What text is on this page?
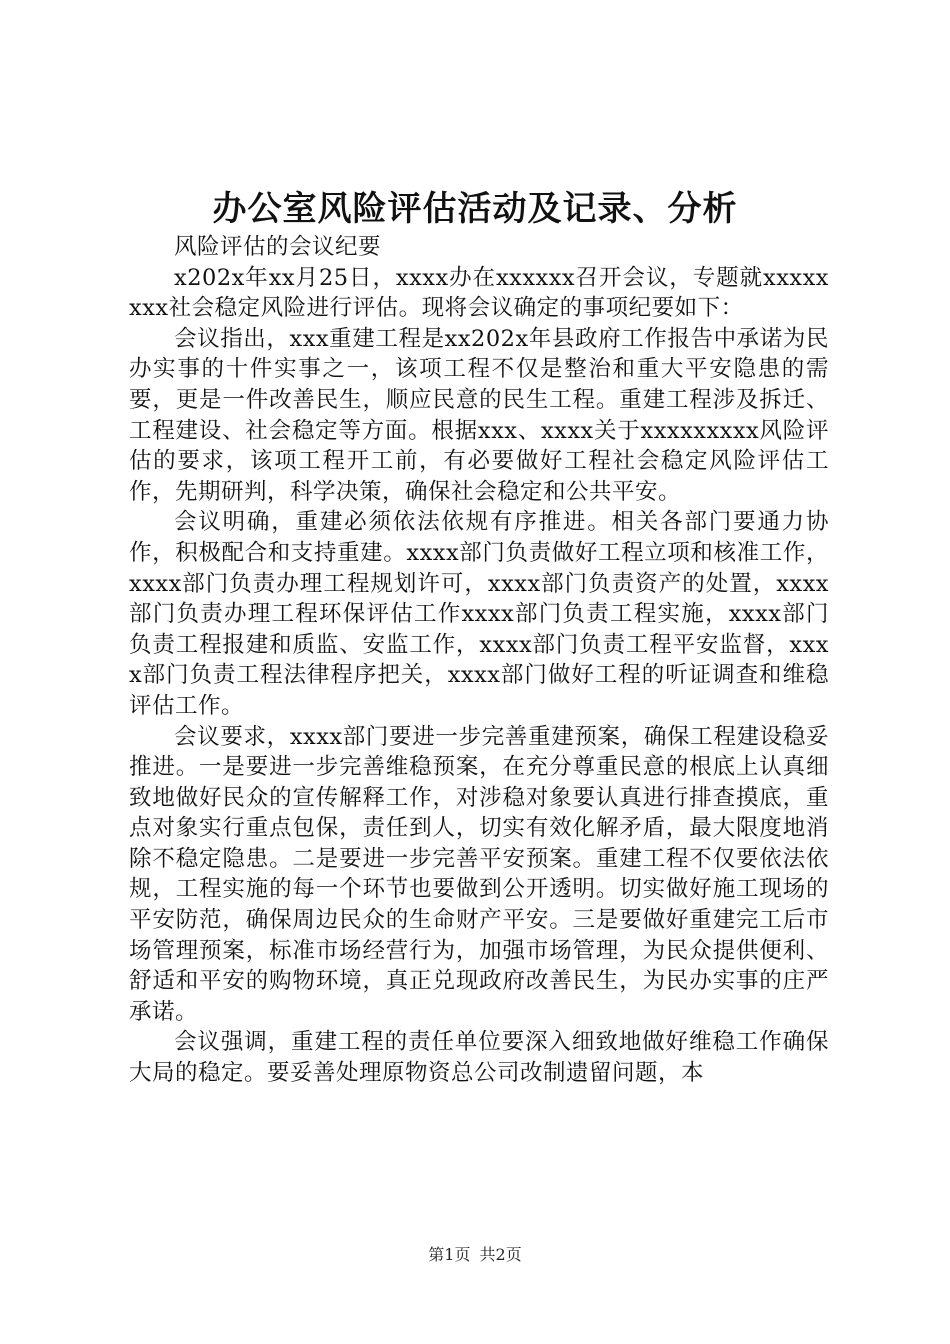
办公室风险评估活动及记录、分析

风险评估的会议纪要

x202x年xx月25日，xxxx办在xxxxxx召开会议，专题就xxxxxxxx社会稳定风险进行评估。现将会议确定的事项纪要如下：

会议指出，xxx重建工程是xx202x年县政府工作报告中承诺为民办实事的十件实事之一，该项工程不仅是整治和重大平安隐患的需要，更是一件改善民生，顺应民意的民生工程。重建工程涉及拆迁、工程建设、社会稳定等方面。根据xxx、xxxx关于xxxxxxxxx风险评估的要求，该项工程开工前，有必要做好工程社会稳定风险评估工作，先期研判，科学决策，确保社会稳定和公共平安。

会议明确，重建必须依法依规有序推进。相关各部门要通力协作，积极配合和支持重建。xxxx部门负责做好工程立项和核准工作，xxxx部门负责办理工程规划许可，xxxx部门负责资产的处置，xxxx部门负责办理工程环保评估工作xxxx部门负责工程实施，xxxx部门负责工程报建和质监、安监工作，xxxx部门负责工程平安监督，xxxx部门负责工程法律程序把关，xxxx部门做好工程的听证调查和维稳评估工作。

会议要求，xxxx部门要进一步完善重建预案，确保工程建设稳妥推进。一是要进一步完善维稳预案，在充分尊重民意的根底上认真细致地做好民众的宣传解释工作，对涉稳对象要认真进行排查摸底，重点对象实行重点包保，责任到人，切实有效化解矛盾，最大限度地消除不稳定隐患。二是要进一步完善平安预案。重建工程不仅要依法依规，工程实施的每一个环节也要做到公开透明。切实做好施工现场的平安防范，确保周边民众的生命财产平安。三是要做好重建完工后市场管理预案，标准市场经营行为，加强市场管理，为民众提供便利、舒适和平安的购物环境，真正兑现政府改善民生，为民办实事的庄严承诺。

会议强调，重建工程的责任单位要深入细致地做好维稳工作确保大局的稳定。要妥善处理原物资总公司改制遗留问题，本

第1页 共2页
